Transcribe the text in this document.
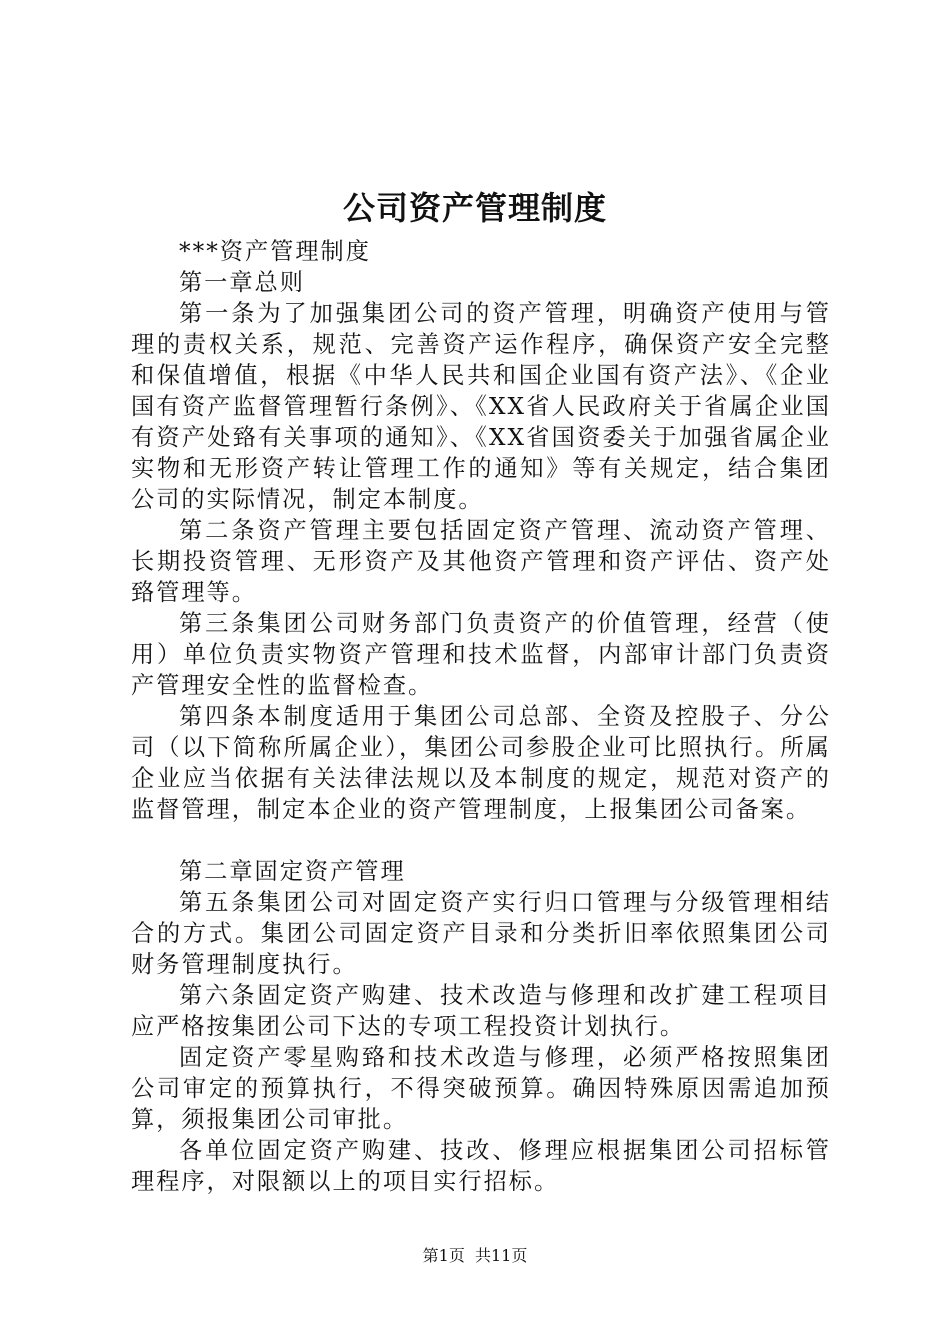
公司资产管理制度

***资产管理制度

第一章总则

第一条为了加强集团公司的资产管理，明确资产使用与管理的责权关系，规范、完善资产运作程序，确保资产安全完整和保值增值，根据《中华人民共和国企业国有资产法》、《企业国有资产监督管理暂行条例》、《XX省人民政府关于省属企业国有资产处臵有关事项的通知》、《XX省国资委关于加强省属企业实物和无形资产转让管理工作的通知》等有关规定，结合集团公司的实际情况，制定本制度。

第二条资产管理主要包括固定资产管理、流动资产管理、长期投资管理、无形资产及其他资产管理和资产评估、资产处臵管理等。

第三条集团公司财务部门负责资产的价值管理，经营（使用）单位负责实物资产管理和技术监督，内部审计部门负责资产管理安全性的监督检查。

第四条本制度适用于集团公司总部、全资及控股子、分公司（以下简称所属企业），集团公司参股企业可比照执行。所属企业应当依据有关法律法规以及本制度的规定，规范对资产的监督管理，制定本企业的资产管理制度，上报集团公司备案。

第二章固定资产管理

第五条集团公司对固定资产实行归口管理与分级管理相结合的方式。集团公司固定资产目录和分类折旧率依照集团公司财务管理制度执行。

第六条固定资产购建、技术改造与修理和改扩建工程项目应严格按集团公司下达的专项工程投资计划执行。

固定资产零星购臵和技术改造与修理，必须严格按照集团公司审定的预算执行，不得突破预算。确因特殊原因需追加预算，须报集团公司审批。

各单位固定资产购建、技改、修理应根据集团公司招标管理程序，对限额以上的项目实行招标。

第1页  共11页
